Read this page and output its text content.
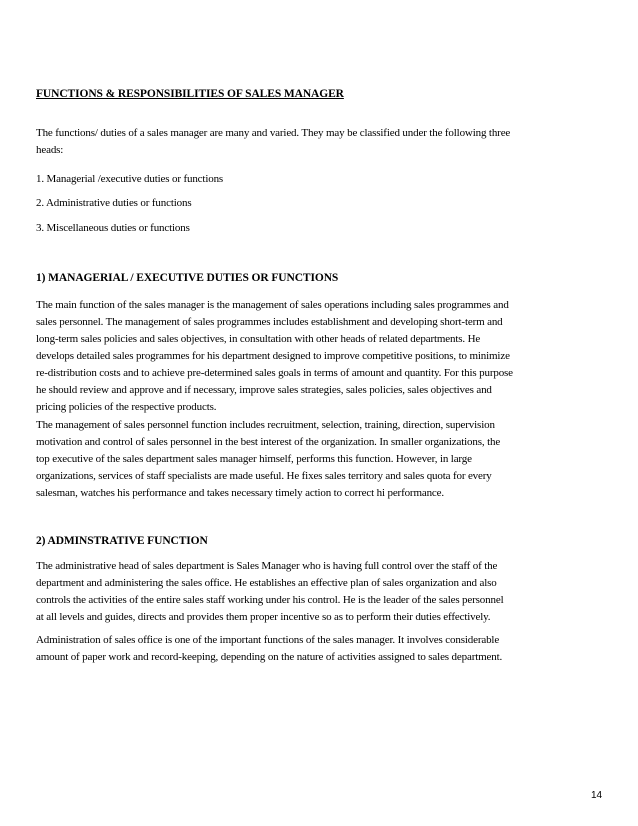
FUNCTIONS & RESPONSIBILITIES OF SALES MANAGER
The functions/ duties of a sales manager are many and varied. They may be classified under the following three
heads:
1. Managerial /executive duties or functions
2. Administrative duties or functions
3. Miscellaneous duties or functions
1) MANAGERIAL / EXECUTIVE DUTIES OR FUNCTIONS
The main function of the sales manager is the management of sales operations including sales programmes and
sales personnel. The management of sales programmes includes establishment and developing short-term and
long-term sales policies and sales objectives, in consultation with other heads of related departments. He
develops detailed sales programmes for his department designed to improve competitive positions, to minimize
re-distribution costs and to achieve pre-determined sales goals in terms of amount and quantity. For this purpose
he should review and approve and if necessary, improve sales strategies, sales policies, sales objectives and
pricing policies of the respective products.
The management of sales personnel function includes recruitment, selection, training, direction, supervision
motivation and control of sales personnel in the best interest of the organization. In smaller organizations, the
top executive of the sales department sales manager himself, performs this function. However, in large
organizations, services of staff specialists are made useful. He fixes sales territory and sales quota for every
salesman, watches his performance and takes necessary timely action to correct hi performance.
2) ADMINSTRATIVE FUNCTION
The administrative head of sales department is Sales Manager who is having full control over the staff of the
department and administering the sales office. He establishes an effective plan of sales organization and also
controls the activities of the entire sales staff working under his control. He is the leader of the sales personnel
at all levels and guides, directs and provides them proper incentive so as to perform their duties effectively.
Administration of sales office is one of the important functions of the sales manager. It involves considerable
amount of paper work and record-keeping, depending on the nature of activities assigned to sales department.
14
